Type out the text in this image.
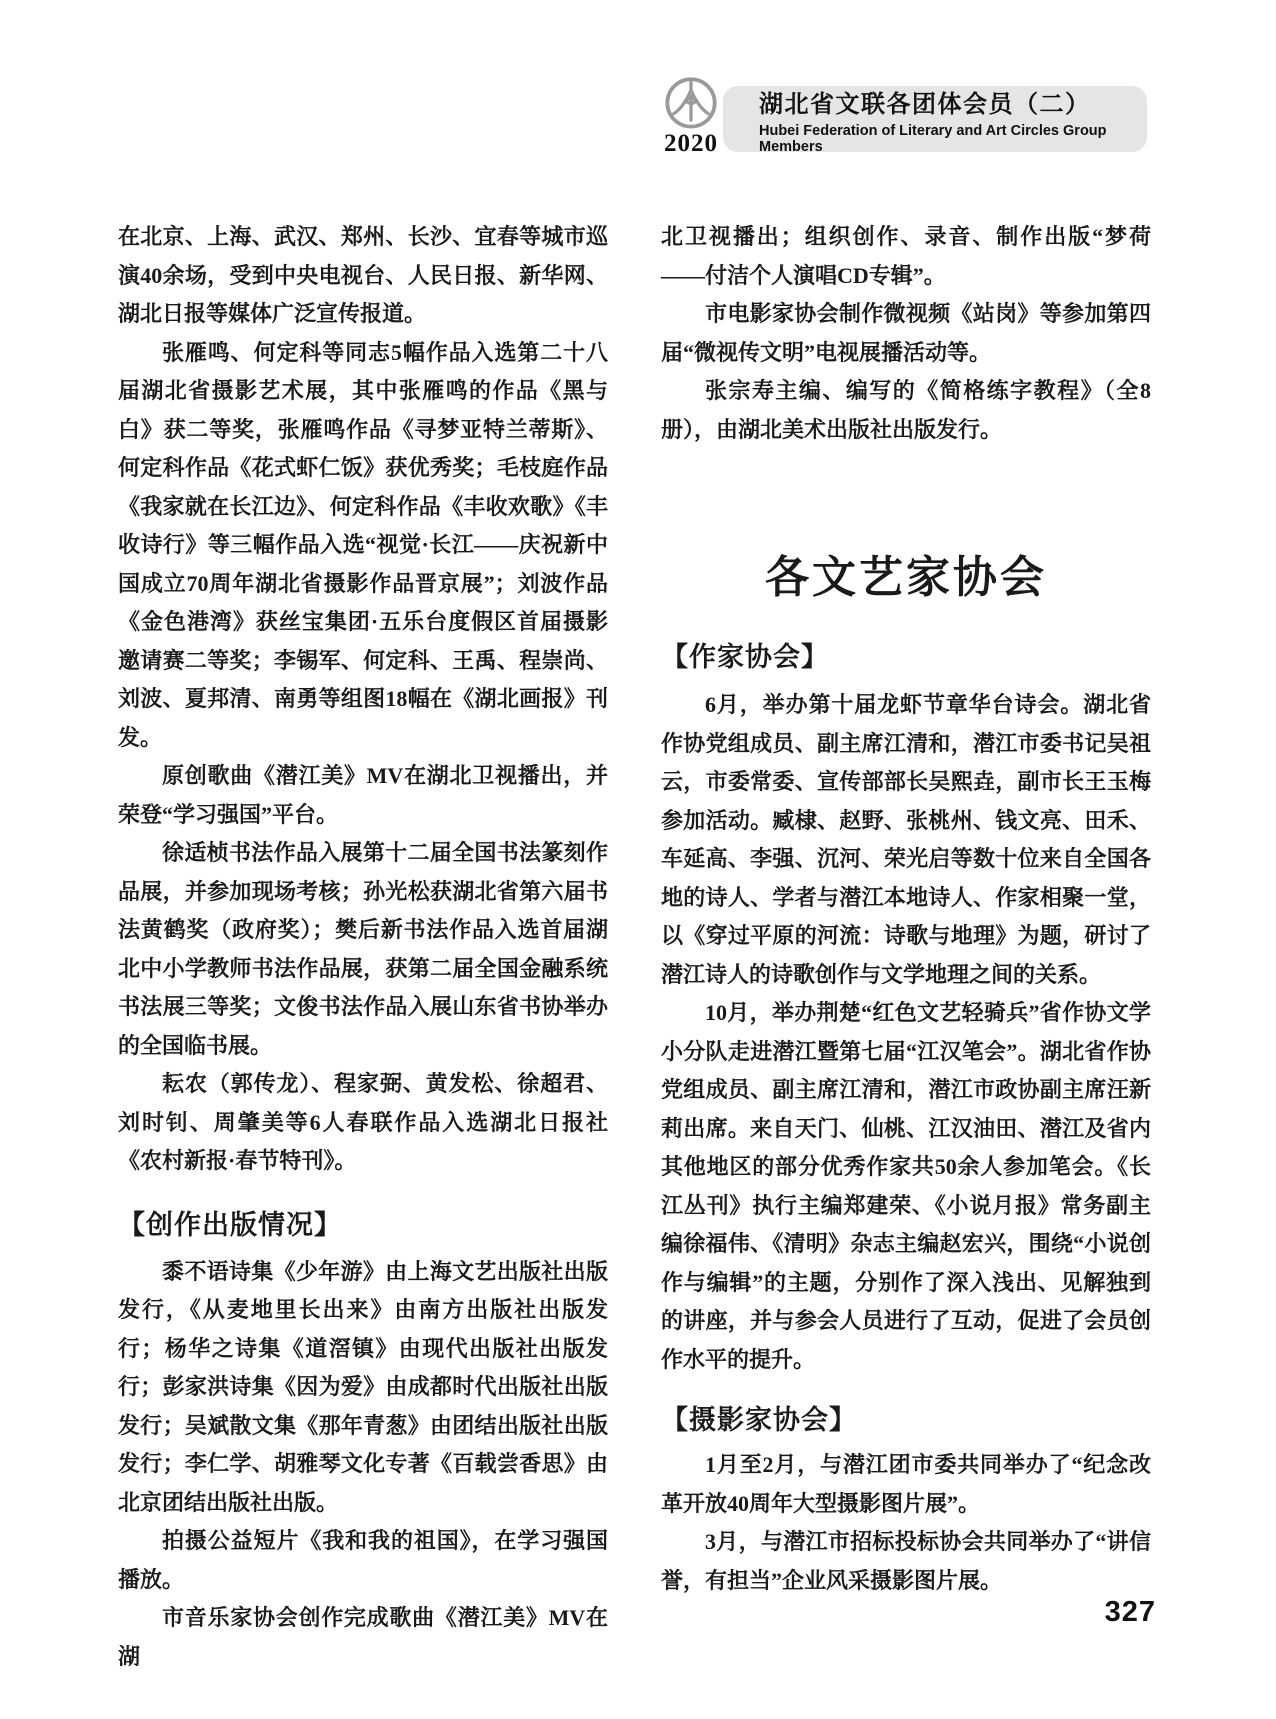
2020
湖北省文联各团体会员（二）
Hubei Federation of Literary and Art Circles Group Members

在北京、上海、武汉、郑州、长沙、宜春等城市巡演40余场，受到中央电视台、人民日报、新华网、湖北日报等媒体广泛宣传报道。

张雁鸣、何定科等同志5幅作品入选第二十八届湖北省摄影艺术展，其中张雁鸣的作品《黑与白》获二等奖，张雁鸣作品《寻梦亚特兰蒂斯》、何定科作品《花式虾仁饭》获优秀奖；毛枝庭作品《我家就在长江边》、何定科作品《丰收欢歌》《丰收诗行》等三幅作品入选“视觉·长江——庆祝新中国成立70周年湖北省摄影作品晋京展”；刘波作品《金色港湾》获丝宝集团·五乐台度假区首届摄影邀请赛二等奖；李锡军、何定科、王禹、程崇尚、刘波、夏邦清、南勇等组图18幅在《湖北画报》刊发。

原创歌曲《潜江美》MV在湖北卫视播出，并荣登“学习强国”平台。

徐适桢书法作品入展第十二届全国书法篆刻作品展，并参加现场考核；孙光松获湖北省第六届书法黄鹤奖（政府奖）；樊后新书法作品入选首届湖北中小学教师书法作品展，获第二届全国金融系统书法展三等奖；文俊书法作品入展山东省书协举办的全国临书展。

耘农（郭传龙）、程家弼、黄发松、徐超君、刘时钊、周肇美等6人春联作品入选湖北日报社《农村新报·春节特刊》。

【创作出版情况】

黍不语诗集《少年游》由上海文艺出版社出版发行，《从麦地里长出来》由南方出版社出版发行；杨华之诗集《道滘镇》由现代出版社出版发行；彭家洪诗集《因为爱》由成都时代出版社出版发行；吴斌散文集《那年青葱》由团结出版社出版发行；李仁学、胡雅琴文化专著《百载尝香思》由北京团结出版社出版。

拍摄公益短片《我和我的祖国》，在学习强国播放。

市音乐家协会创作完成歌曲《潜江美》MV在湖

北卫视播出；组织创作、录音、制作出版“梦荷——付洁个人演唱CD专辑”。

市电影家协会制作微视频《站岗》等参加第四届“微视传文明”电视展播活动等。

张宗寿主编、编写的《简格练字教程》（全8册），由湖北美术出版社出版发行。

各文艺家协会
【作家协会】

6月，举办第十届龙虾节章华台诗会。湖北省作协党组成员、副主席江清和，潜江市委书记吴祖云，市委常委、宣传部部长吴熙垚，副市长王玉梅参加活动。臧棣、赵野、张桃州、钱文亮、田禾、车延高、李强、沉河、荣光启等数十位来自全国各地的诗人、学者与潜江本地诗人、作家相聚一堂，以《穿过平原的河流：诗歌与地理》为题，研讨了潜江诗人的诗歌创作与文学地理之间的关系。

10月，举办荆楚“红色文艺轻骑兵”省作协文学小分队走进潜江暨第七届“江汉笔会”。湖北省作协党组成员、副主席江清和，潜江市政协副主席汪新莉出席。来自天门、仙桃、江汉油田、潜江及省内其他地区的部分优秀作家共50余人参加笔会。《长江丛刊》执行主编郑建荣、《小说月报》常务副主编徐福伟、《清明》杂志主编赵宏兴，围绕“小说创作与编辑”的主题，分别作了深入浅出、见解独到的讲座，并与参会人员进行了互动，促进了会员创作水平的提升。

【摄影家协会】

1月至2月，与潜江团市委共同举办了“纪念改革开放40周年大型摄影图片展”。

3月，与潜江市招标投标协会共同举办了“讲信誉，有担当”企业风采摄影图片展。

327
